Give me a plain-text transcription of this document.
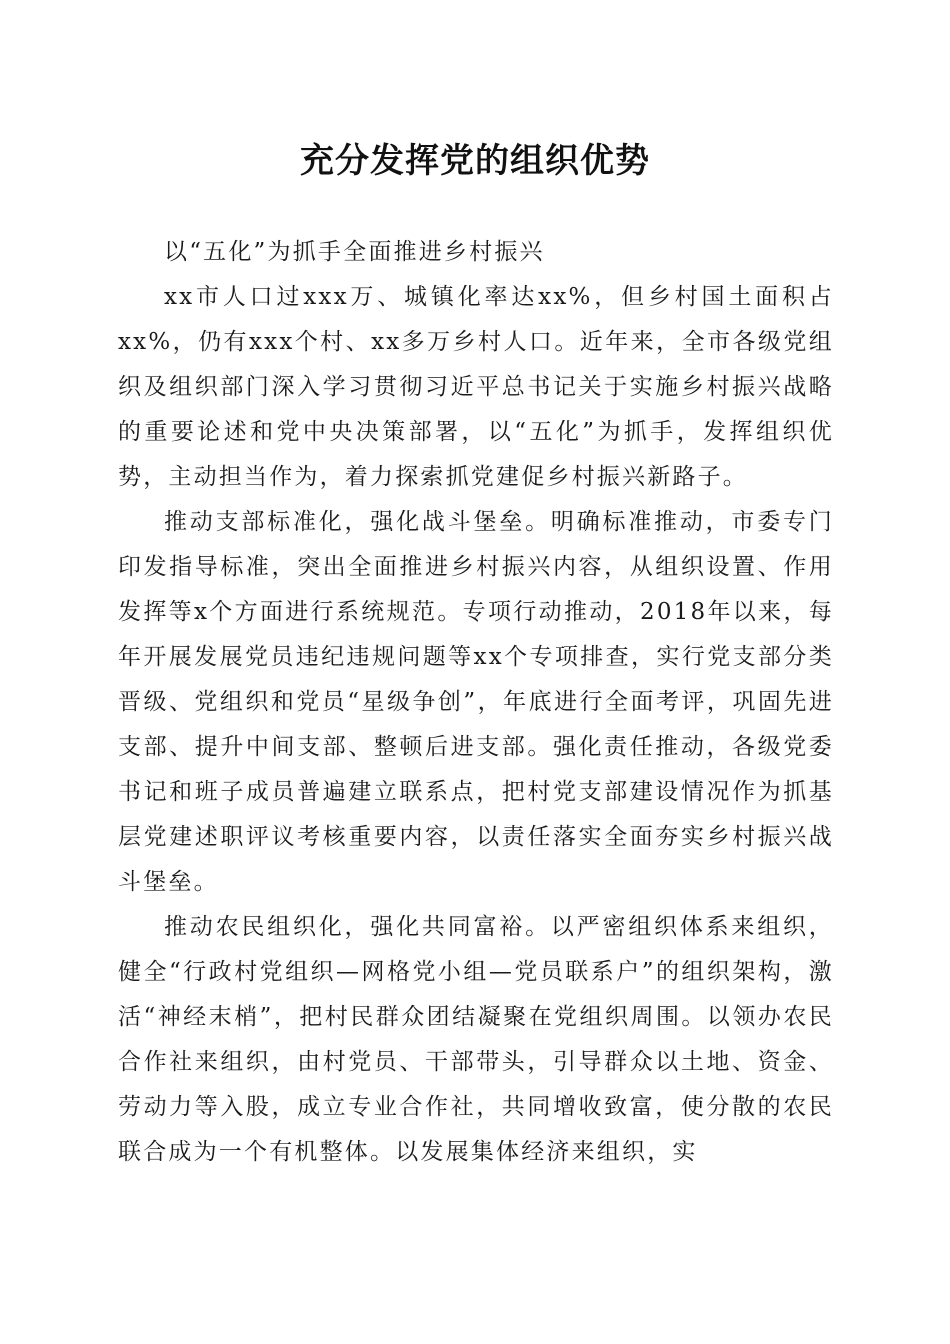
充分发挥党的组织优势

以“五化”为抓手全面推进乡村振兴

xx市人口过xxx万、城镇化率达xx%，但乡村国土面积占xx%，仍有xxx个村、xx多万乡村人口。近年来，全市各级党组织及组织部门深入学习贯彻习近平总书记关于实施乡村振兴战略的重要论述和党中央决策部署，以“五化”为抓手，发挥组织优势，主动担当作为，着力探索抓党建促乡村振兴新路子。

推动支部标准化，强化战斗堡垒。明确标准推动，市委专门印发指导标准，突出全面推进乡村振兴内容，从组织设置、作用发挥等x个方面进行系统规范。专项行动推动，2018年以来，每年开展发展党员违纪违规问题等xx个专项排查，实行党支部分类晋级、党组织和党员“星级争创”，年底进行全面考评，巩固先进支部、提升中间支部、整顿后进支部。强化责任推动，各级党委书记和班子成员普遍建立联系点，把村党支部建设情况作为抓基层党建述职评议考核重要内容，以责任落实全面夯实乡村振兴战斗堡垒。

推动农民组织化，强化共同富裕。以严密组织体系来组织，健全“行政村党组织—网格党小组—党员联系户”的组织架构，激活“神经末梢”，把村民群众团结凝聚在党组织周围。以领办农民合作社来组织，由村党员、干部带头，引导群众以土地、资金、劳动力等入股，成立专业合作社，共同增收致富，使分散的农民联合成为一个有机整体。以发展集体经济来组织，实
